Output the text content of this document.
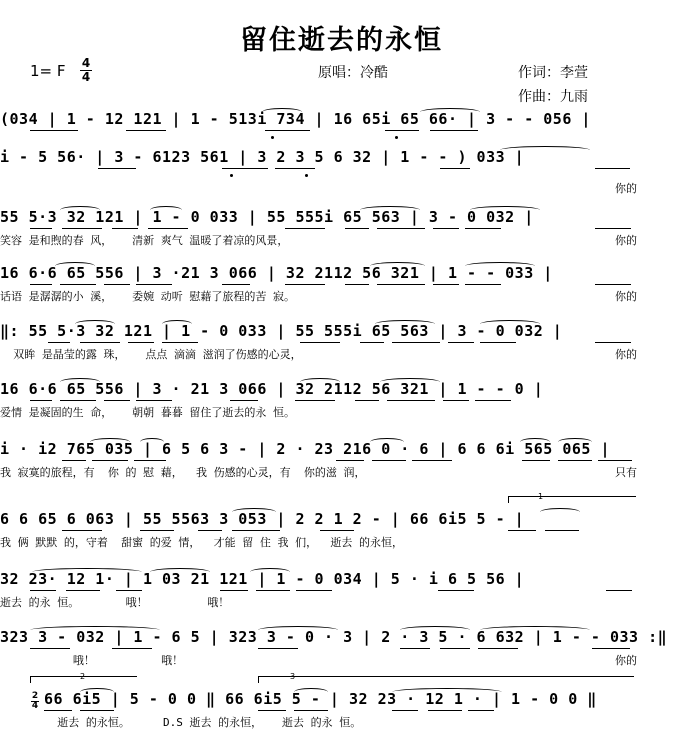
留住逝去的永恒
1= F 4
4	原唱：冷酷	作词：李萱
作曲：九雨
(034 | 1 - 12 121 | 1 - 513i 734 | 16 65i 65 66· | 3 - - 056 |
i - 5 56· | 3 - 6123 561 | 3 2 3 5 6 32 | 1 - - ) 033 |
你的
55 5·3 32 121 | 1 - 0 033 | 55 555i 65 563 | 3 - 0 032 |
笑容 是和煦的春 风，   清新 爽气 温暖了着凉的风景，	你的
16 6·6 65 556 | 3 ·21 3 066 | 32 2112 56 321 | 1 - - 033 |
话语 是潺潺的小 溪，   委婉 动听 慰藉了旅程的苦 寂。	你的
‖: 55 5·3 32 121 | 1 - 0 033 | 55 555i 65 563 | 3 - 0 032 |
双眸 是晶莹的露 珠，   点点 滴滴 滋润了伤感的心灵，	你的
16 6·6 65 556 | 3 · 21 3 066 | 32 2112 56 321 | 1 - - 0 |
爱情 是凝固的生 命，   朝朝 暮暮 留住了逝去的永 恒。
i · i2 765 035 | 6 5 6 3 - | 2 · 23 216 0 · 6 | 6 6 6i 565 065 |
我 寂寞的旅程，有  你 的 慰 藉，  我 伤感的心灵，有  你的滋 润，	只有
1
6 6 65 6 063 | 55 5563 3 053 | 2 2 1 2 - | 66 6i5 5 - |
我 俩 默默 的，守着  甜蜜 的爱 情，  才能 留 住 我 们，  逝去 的永恒，
32 23· 12 1· | 1 03 21 121 | 1 - 0 034 | 5 · i 6 5 56 |
逝去 的永 恒。       哦！         哦！
323 3 - 032 | 1 - 6 5 | 323 3 - 0 · 3 | 2 · 3 5 · 6 632 | 1 - - 033 :‖
哦！          哦！	你的
2	3
2
4 66 6i5 | 5 - 0 0 ‖ 66 6i5 5 - | 32 23 · 12 1 · | 1 - 0 0 ‖
逝去 的永恒。     D.S 逝去 的永恒，   逝去 的永 恒。
